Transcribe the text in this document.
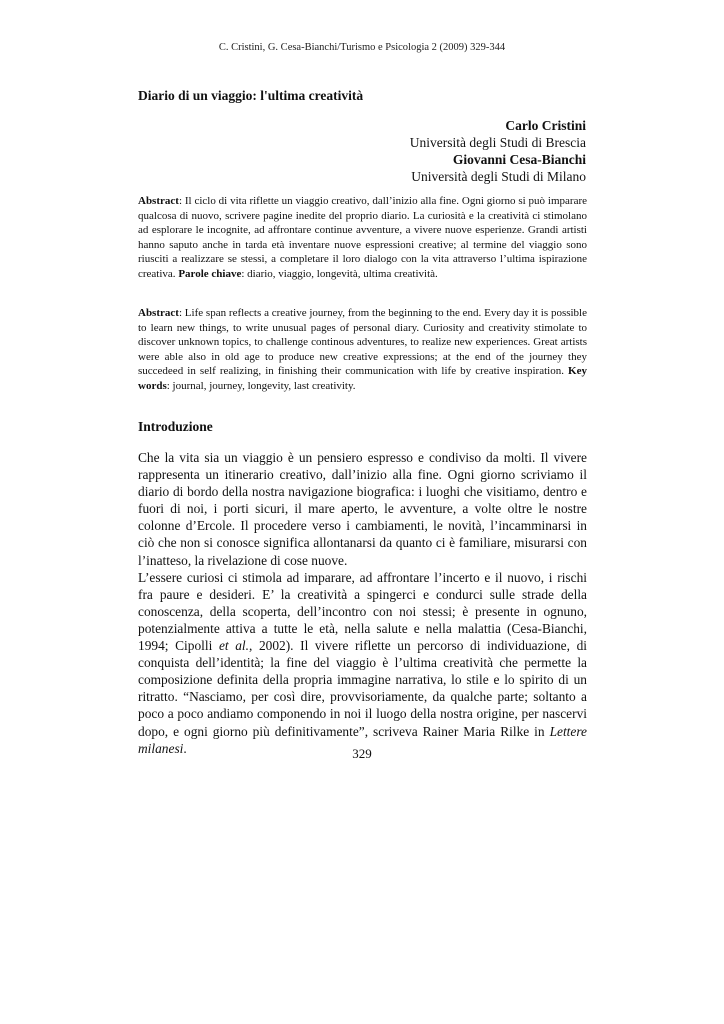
C. Cristini, G. Cesa-Bianchi/Turismo e Psicologia 2 (2009) 329-344
Diario di un viaggio: l'ultima creatività
Carlo Cristini
Università degli Studi di Brescia
Giovanni Cesa-Bianchi
Università degli Studi di Milano
Abstract: Il ciclo di vita riflette un viaggio creativo, dall’inizio alla fine. Ogni giorno si può imparare qualcosa di nuovo, scrivere pagine inedite del proprio diario. La curiosità e la creatività ci stimolano ad esplorare le incognite, ad affrontare continue avventure, a vivere nuove esperienze. Grandi artisti hanno saputo anche in tarda età inventare nuove espressioni creative; al termine del viaggio sono riusciti a realizzare se stessi, a completare il loro dialogo con la vita attraverso l’ultima ispirazione creativa. Parole chiave: diario, viaggio, longevità, ultima creatività.
Abstract: Life span reflects a creative journey, from the beginning to the end. Every day it is possible to learn new things, to write unusual pages of personal diary. Curiosity and creativity stimolate to discover unknown topics, to challenge continous adventures, to realize new experiences. Great artists were able also in old age to produce new creative expressions; at the end of the journey they succedeed in self realizing, in finishing their communication with life by creative inspiration. Key words: journal, journey, longevity, last creativity.
Introduzione

Che la vita sia un viaggio è un pensiero espresso e condiviso da molti. Il vivere rappresenta un itinerario creativo, dall’inizio alla fine. Ogni giorno scriviamo il diario di bordo della nostra navigazione biografica: i luoghi che visitiamo, dentro e fuori di noi, i porti sicuri, il mare aperto, le avventure, a volte oltre le nostre colonne d’Ercole. Il procedere verso i cambiamenti, le novità, l’incamminarsi in ciò che non si conosce significa allontanarsi da quanto ci è familiare, misurarsi con l’inatteso, la rivelazione di cose nuove.

L’essere curiosi ci stimola ad imparare, ad affrontare l’incerto e il nuovo, i rischi fra paure e desideri. E’ la creatività a spingerci e condurci sulle strade della conoscenza, della scoperta, dell’incontro con noi stessi; è presente in ognuno, potenzialmente attiva a tutte le età, nella salute e nella malattia (Cesa-Bianchi, 1994; Cipolli et al., 2002). Il vivere riflette un percorso di individuazione, di conquista dell’identità; la fine del viaggio è l’ultima creatività che permette la composizione definita della propria immagine narrativa, lo stile e lo spirito di un ritratto. “Nasciamo, per così dire, provvisoriamente, da qualche parte; soltanto a poco a poco andiamo componendo in noi il luogo della nostra origine, per nascervi dopo, e ogni giorno più definitivamente”, scriveva Rainer Maria Rilke in Lettere milanesi.	329
